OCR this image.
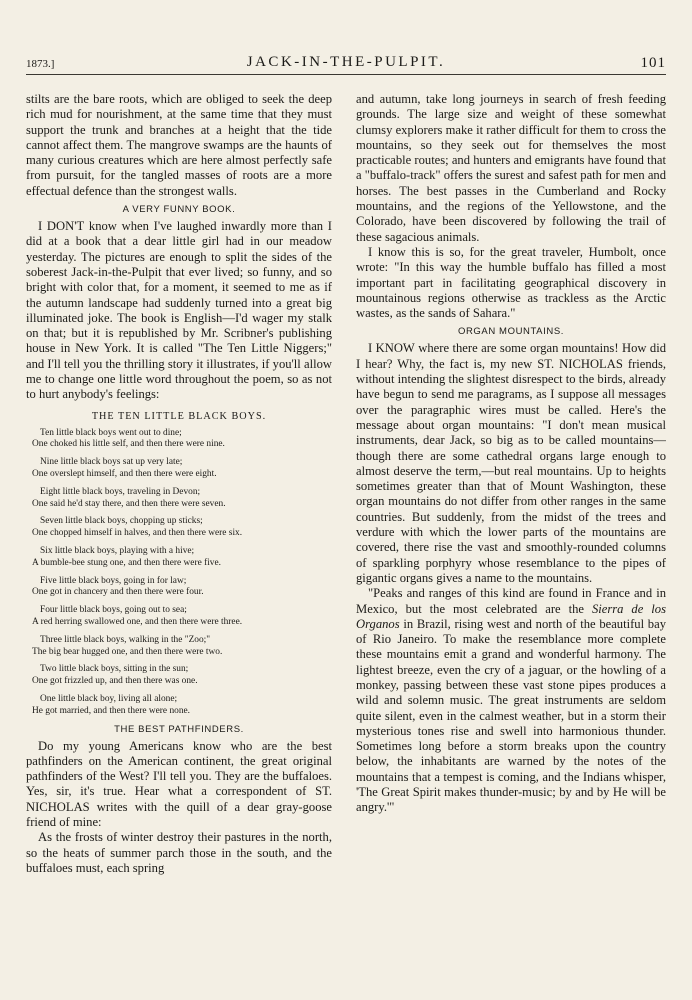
1873.]	JACK-IN-THE-PULPIT.	101

stilts are the bare roots, which are obliged to seek the deep rich mud for nourishment, at the same time that they must support the trunk and branches at a height that the tide cannot affect them. The mangrove swamps are the haunts of many curious creatures which are here almost perfectly safe from pursuit, for the tangled masses of roots are a more effectual defence than the strongest walls.

A VERY FUNNY BOOK.

I DON'T know when I've laughed inwardly more than I did at a book that a dear little girl had in our meadow yesterday. The pictures are enough to split the sides of the soberest Jack-in-the-Pulpit that ever lived; so funny, and so bright with color that, for a moment, it seemed to me as if the autumn landscape had suddenly turned into a great big illuminated joke. The book is English—I'd wager my stalk on that; but it is republished by Mr. Scribner's publishing house in New York. It is called "The Ten Little Niggers;" and I'll tell you the thrilling story it illustrates, if you'll allow me to change one little word throughout the poem, so as not to hurt anybody's feelings:

THE TEN LITTLE BLACK BOYS.
Ten little black boys went out to dine;
One choked his little self, and then there were nine.
Nine little black boys sat up very late;
One overslept himself, and then there were eight.
Eight little black boys, traveling in Devon;
One said he'd stay there, and then there were seven.
Seven little black boys, chopping up sticks;
One chopped himself in halves, and then there were six.
Six little black boys, playing with a hive;
A bumble-bee stung one, and then there were five.
Five little black boys, going in for law;
One got in chancery and then there were four.
Four little black boys, going out to sea;
A red herring swallowed one, and then there were three.
Three little black boys, walking in the "Zoo;"
The big bear hugged one, and then there were two.
Two little black boys, sitting in the sun;
One got frizzled up, and then there was one.
One little black boy, living all alone;
He got married, and then there were none.
THE BEST PATHFINDERS.

Do my young Americans know who are the best pathfinders on the American continent, the great original pathfinders of the West? I'll tell you. They are the buffaloes. Yes, sir, it's true. Hear what a correspondent of ST. NICHOLAS writes with the quill of a dear gray-goose friend of mine:

As the frosts of winter destroy their pastures in the north, so the heats of summer parch those in the south, and the buffaloes must, each spring

and autumn, take long journeys in search of fresh feeding grounds. The large size and weight of these somewhat clumsy explorers make it rather difficult for them to cross the mountains, so they seek out for themselves the most practicable routes; and hunters and emigrants have found that a "buffalo-track" offers the surest and safest path for men and horses. The best passes in the Cumberland and Rocky mountains, and the regions of the Yellowstone, and the Colorado, have been discovered by following the trail of these sagacious animals.

I know this is so, for the great traveler, Humbolt, once wrote: "In this way the humble buffalo has filled a most important part in facilitating geographical discovery in mountainous regions otherwise as trackless as the Arctic wastes, as the sands of Sahara."

ORGAN MOUNTAINS.

I KNOW where there are some organ mountains! How did I hear? Why, the fact is, my new ST. NICHOLAS friends, without intending the slightest disrespect to the birds, already have begun to send me paragrams, as I suppose all messages over the paragraphic wires must be called. Here's the message about organ mountains: "I don't mean musical instruments, dear Jack, so big as to be called mountains—though there are some cathedral organs large enough to almost deserve the term,—but real mountains. Up to heights sometimes greater than that of Mount Washington, these organ mountains do not differ from other ranges in the same countries. But suddenly, from the midst of the trees and verdure with which the lower parts of the mountains are covered, there rise the vast and smoothly-rounded columns of sparkling porphyry whose resemblance to the pipes of gigantic organs gives a name to the mountains.

"Peaks and ranges of this kind are found in France and in Mexico, but the most celebrated are the Sierra de los Organos in Brazil, rising west and north of the beautiful bay of Rio Janeiro. To make the resemblance more complete these mountains emit a grand and wonderful harmony. The lightest breeze, even the cry of a jaguar, or the howling of a monkey, passing between these vast stone pipes produces a wild and solemn music. The great instruments are seldom quite silent, even in the calmest weather, but in a storm their mysterious tones rise and swell into harmonious thunder. Sometimes long before a storm breaks upon the country below, the inhabitants are warned by the notes of the mountains that a tempest is coming, and the Indians whisper, 'The Great Spirit makes thunder-music; by and by He will be angry.'"
